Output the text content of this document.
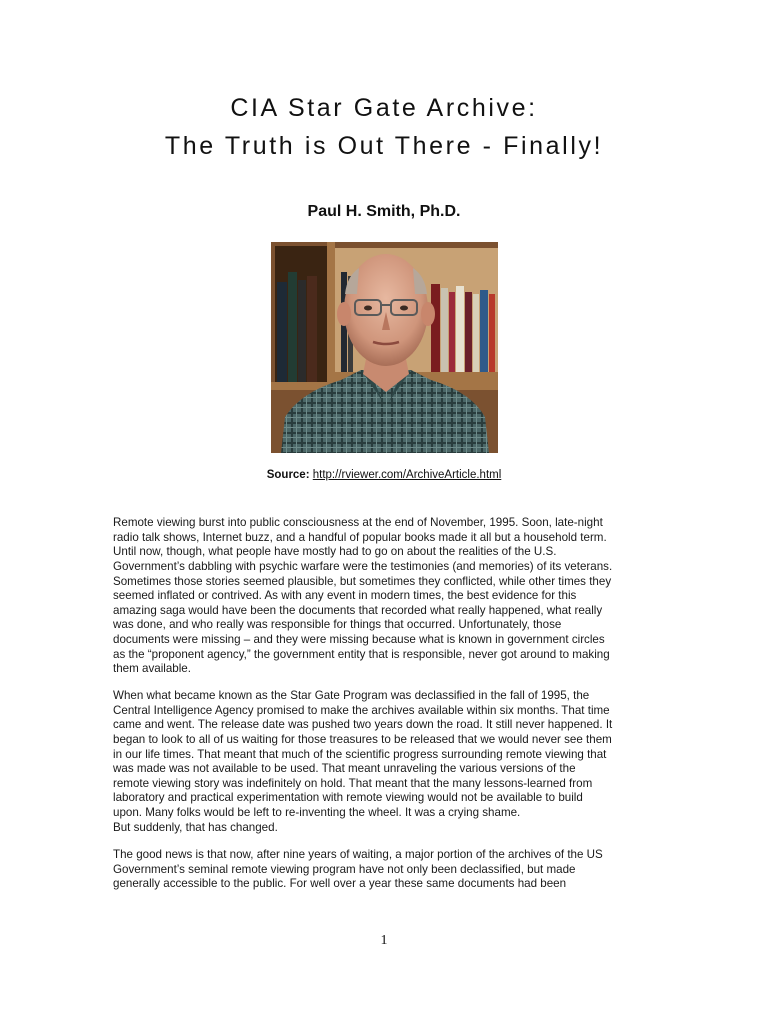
CIA Star Gate Archive:
The Truth is Out There - Finally!
Paul H. Smith, Ph.D.
Source: http://rviewer.com/ArchiveArticle.html
Remote viewing burst into public consciousness at the end of November, 1995. Soon, late-night
radio talk shows, Internet buzz, and a handful of popular books made it all but a household term.
Until now, though, what people have mostly had to go on about the realities of the U.S.
Government’s dabbling with psychic warfare were the testimonies (and memories) of its veterans.
Sometimes those stories seemed plausible, but sometimes they conflicted, while other times they
seemed inflated or contrived. As with any event in modern times, the best evidence for this
amazing saga would have been the documents that recorded what really happened, what really
was done, and who really was responsible for things that occurred. Unfortunately, those
documents were missing – and they were missing because what is known in government circles
as the “proponent agency,” the government entity that is responsible, never got around to making
them available.
When what became known as the Star Gate Program was declassified in the fall of 1995, the
Central Intelligence Agency promised to make the archives available within six months. That time
came and went. The release date was pushed two years down the road. It still never happened. It
began to look to all of us waiting for those treasures to be released that we would never see them
in our life times. That meant that much of the scientific progress surrounding remote viewing that
was made was not available to be used. That meant unraveling the various versions of the
remote viewing story was indefinitely on hold. That meant that the many lessons-learned from
laboratory and practical experimentation with remote viewing would not be available to build
upon. Many folks would be left to re-inventing the wheel. It was a crying shame.
But suddenly, that has changed.
The good news is that now, after nine years of waiting, a major portion of the archives of the US
Government’s seminal remote viewing program have not only been declassified, but made
generally accessible to the public. For well over a year these same documents had been
1
